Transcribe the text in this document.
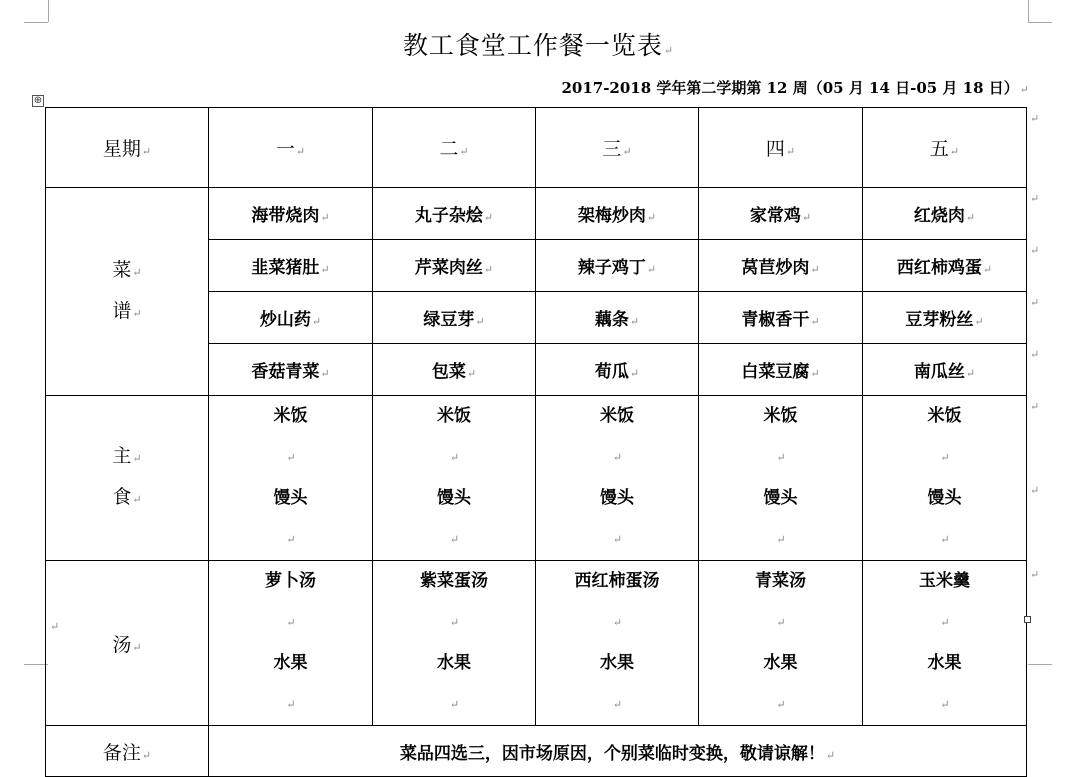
教工食堂工作餐一览表↵
2017-2018 学年第二学期第 12 周（05 月 14 日-05 月 18 日）↵
⊕
星期↵	一↵	二↵	三↵	四↵	五↵

菜↵
谱↵	海带烧肉↵	丸子杂烩↵	架梅炒肉↵	家常鸡↵	红烧肉↵
	韭菜猪肚↵	芹菜肉丝↵	辣子鸡丁↵	莴苣炒肉↵	西红柿鸡蛋↵
	炒山药↵	绿豆芽↵	藕条↵	青椒香干↵	豆芽粉丝↵
	香菇青菜↵	包菜↵	荀瓜↵	白菜豆腐↵	南瓜丝↵

主↵
食↵	米饭
↵
馒头
↵	米饭
↵
馒头
↵	米饭
↵
馒头
↵	米饭
↵
馒头
↵	米饭
↵
馒头
↵

汤↵	萝卜汤
↵
水果
↵	紫菜蛋汤
↵
水果
↵	西红柿蛋汤
↵
水果
↵	青菜汤
↵
水果
↵	玉米羹
↵
水果
↵

备注↵	菜品四选三，因市场原因，个别菜临时变换，敬请谅解！↵				
↵
↵
↵
↵
↵
↵
↵
↵
↵
